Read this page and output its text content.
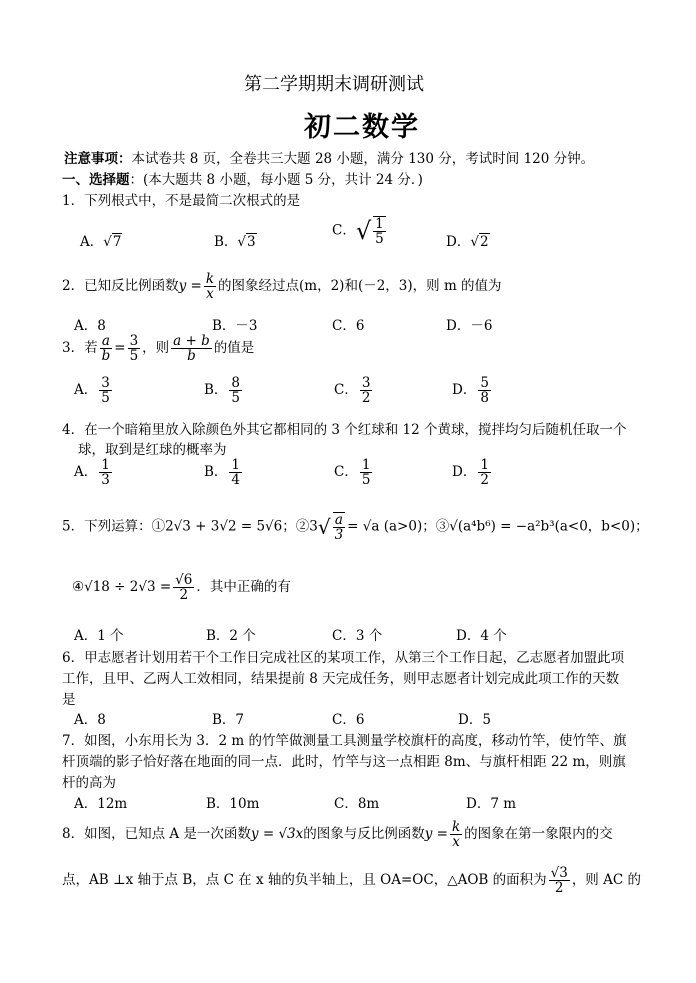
第二学期期末调研测试
初二数学
注意事项：本试卷共 8 页，全卷共三大题 28 小题，满分 130 分，考试时间 120 分钟。
一、选择题：(本大题共 8 小题，每小题 5 分，共计 24 分．)
1．下列根式中，不是最简二次根式的是
A．√7	B．√3
C．√ $\frac{1}{5}$	D．√2
2．已知反比例函数$y = \frac{k}{x}$ 的图象经过点(m，2)和(－2，3)，则 m 的值为
A．8	B．－3	C．6	D．－6
3．若 $\frac{a}{b} = \frac{3}{5}$ ，则 $\frac{a + b}{b}$ 的值是
A． $\frac{3}{5}$	B． $\frac{8}{5}$	C． $\frac{3}{2}$	D． $\frac{5}{8}$
4．在一个暗箱里放入除颜色外其它都相同的 3 个红球和 12 个黄球，搅拌均匀后随机任取一个
球，取到是红球的概率为
A． $\frac{1}{3}$	B． $\frac{1}{4}$	C． $\frac{1}{5}$	D． $\frac{1}{2}$
5．下列运算：①2√3 + 3√2 = 5√6；②3√ $\frac{a}{3} = √a$ (a>0)；③√(a⁴b⁶) = −a²b³(a<0，b<0)；
④√18 ÷ $2√3 = \frac{√6}{2}$ ．其中正确的有
A．1 个	B．2 个	C．3 个	D．4 个
6．甲志愿者计划用若干个工作日完成社区的某项工作，从第三个工作日起，乙志愿者加盟此项
工作，且甲、乙两人工效相同，结果提前 8 天完成任务，则甲志愿者计划完成此项工作的天数
是
A．8	B．7	C．6	D．5
7．如图，小东用长为 3．2 m 的竹竿做测量工具测量学校旗杆的高度，移动竹竿，使竹竿、旗
杆顶端的影子恰好落在地面的同一点．此时，竹竿与这一点相距 8m、与旗杆相距 22 m，则旗
杆的高为
A．12m	B．10m	C．8m	D．7 m
8．如图，已知点 A 是一次函数y = √3x的图象与反比例函数$y = \frac{k}{x}$ 的图象在第一象限内的交
点，AB ⊥x 轴于点 B，点 C 在 x 轴的负半轴上，且 OA=OC，△AOB 的面积为 $\frac{√3}{2}$ ，则 AC 的
